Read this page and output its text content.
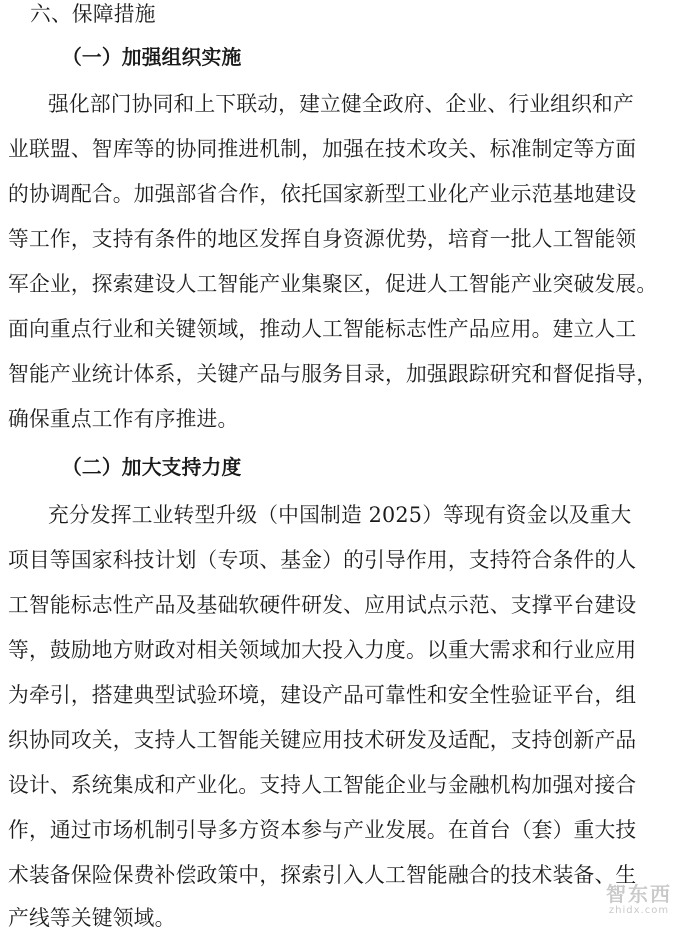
六、保障措施
（一）加强组织实施
强化部门协同和上下联动，建立健全政府、企业、行业组织和产
业联盟、智库等的协同推进机制，加强在技术攻关、标准制定等方面
的协调配合。加强部省合作，依托国家新型工业化产业示范基地建设
等工作，支持有条件的地区发挥自身资源优势，培育一批人工智能领
军企业，探索建设人工智能产业集聚区，促进人工智能产业突破发展。
面向重点行业和关键领域，推动人工智能标志性产品应用。建立人工
智能产业统计体系，关键产品与服务目录，加强跟踪研究和督促指导，
确保重点工作有序推进。
（二）加大支持力度
充分发挥工业转型升级（中国制造 2025）等现有资金以及重大
项目等国家科技计划（专项、基金）的引导作用，支持符合条件的人
工智能标志性产品及基础软硬件研发、应用试点示范、支撑平台建设
等，鼓励地方财政对相关领域加大投入力度。以重大需求和行业应用
为牵引，搭建典型试验环境，建设产品可靠性和安全性验证平台，组
织协同攻关，支持人工智能关键应用技术研发及适配，支持创新产品
设计、系统集成和产业化。支持人工智能企业与金融机构加强对接合
作，通过市场机制引导多方资本参与产业发展。在首台（套）重大技
术装备保险保费补偿政策中，探索引入人工智能融合的技术装备、生
产线等关键领域。
智东西
zhidx.com
